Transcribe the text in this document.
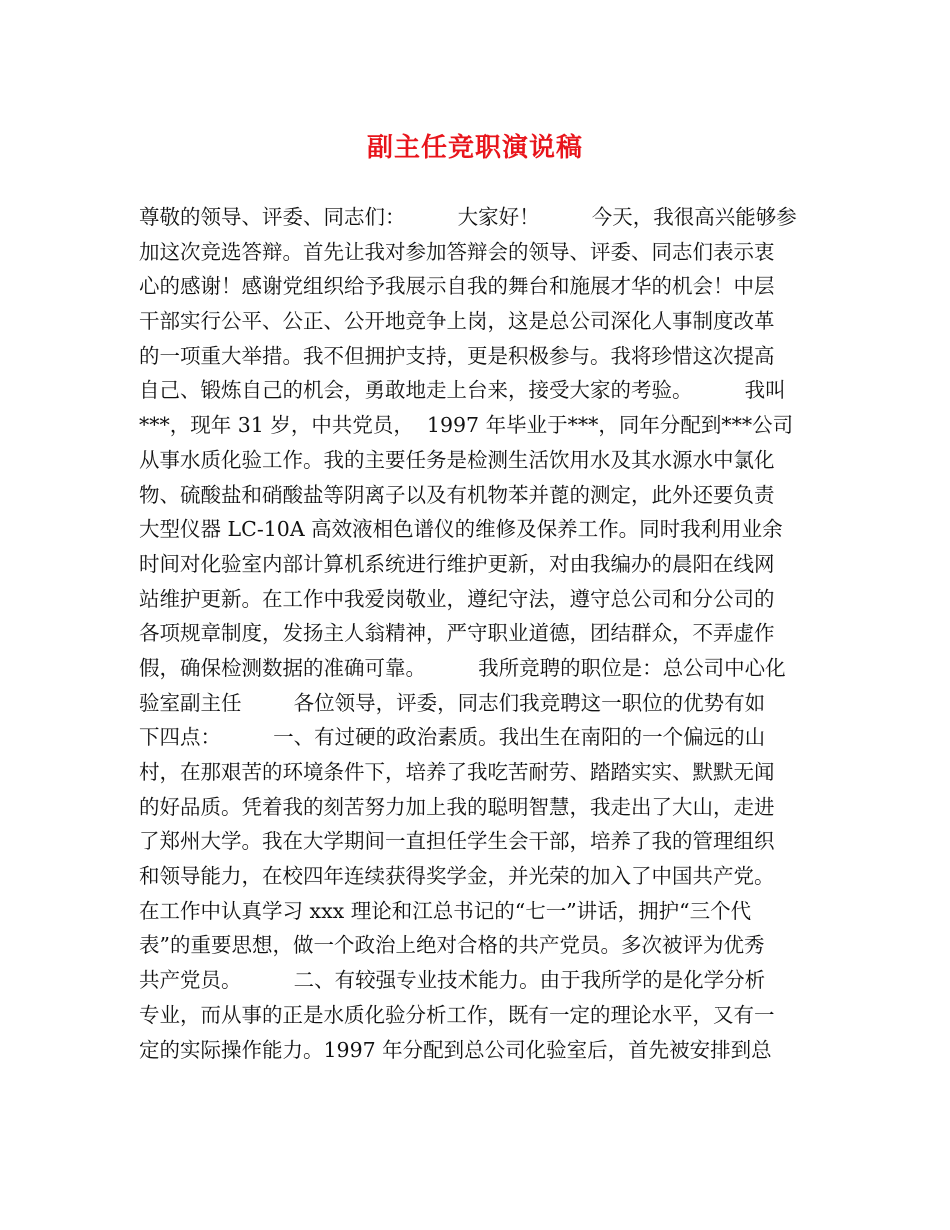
副主任竞职演说稿
尊敬的领导、评委、同志们：        大家好！        今天，我很高兴能够参
加这次竞选答辩。首先让我对参加答辩会的领导、评委、同志们表示衷
心的感谢！感谢党组织给予我展示自我的舞台和施展才华的机会！中层
干部实行公平、公正、公开地竞争上岗，这是总公司深化人事制度改革
的一项重大举措。我不但拥护支持，更是积极参与。我将珍惜这次提高
自己、锻炼自己的机会，勇敢地走上台来，接受大家的考验。        我叫
***，现年 31 岁，中共党员，  1997 年毕业于***，同年分配到***公司
从事水质化验工作。我的主要任务是检测生活饮用水及其水源水中氯化
物、硫酸盐和硝酸盐等阴离子以及有机物苯并蓖的测定，此外还要负责
大型仪器 LC-10A 高效液相色谱仪的维修及保养工作。同时我利用业余
时间对化验室内部计算机系统进行维护更新，对由我编办的晨阳在线网
站维护更新。在工作中我爱岗敬业，遵纪守法，遵守总公司和分公司的
各项规章制度，发扬主人翁精神，严守职业道德，团结群众，不弄虚作
假，确保检测数据的准确可靠。        我所竞聘的职位是：总公司中心化
验室副主任        各位领导，评委，同志们我竞聘这一职位的优势有如
下四点：        一、有过硬的政治素质。我出生在南阳的一个偏远的山
村，在那艰苦的环境条件下，培养了我吃苦耐劳、踏踏实实、默默无闻
的好品质。凭着我的刻苦努力加上我的聪明智慧，我走出了大山，走进
了郑州大学。我在大学期间一直担任学生会干部，培养了我的管理组织
和领导能力，在校四年连续获得奖学金，并光荣的加入了中国共产党。
在工作中认真学习 xxx 理论和江总书记的“七一”讲话，拥护“三个代
表”的重要思想，做一个政治上绝对合格的共产党员。多次被评为优秀
共产党员。        二、有较强专业技术能力。由于我所学的是化学分析
专业，而从事的正是水质化验分析工作，既有一定的理论水平，又有一
定的实际操作能力。1997 年分配到总公司化验室后，首先被安排到总
